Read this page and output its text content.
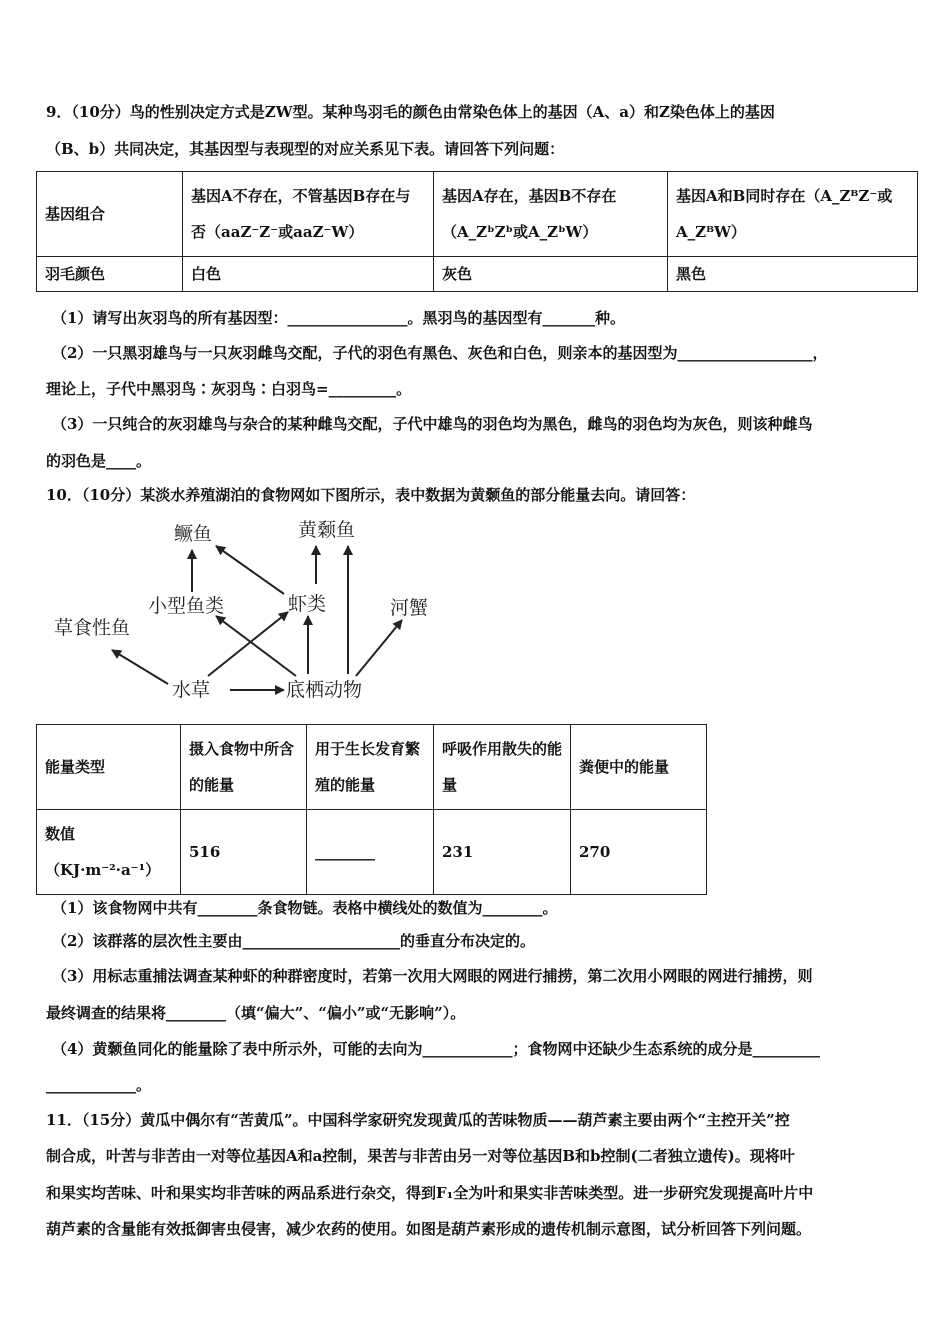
9．（10分）鸟的性别决定方式是ZW型。某种鸟羽毛的颜色由常染色体上的基因（A、a）和Z染色体上的基因
（B、b）共同决定，其基因型与表现型的对应关系见下表。请回答下列问题：
基因组合	基因A不存在，不管基因B存在与否（aaZ⁻Z⁻或aaZ⁻W）	基因A存在，基因B不存在（A_ZᵇZᵇ或A_ZᵇW）	基因A和B同时存在（A_ZᴮZ⁻或A_ZᴮW）
羽毛颜色	白色	灰色	黑色
（1）请写出灰羽鸟的所有基因型：________________。黑羽鸟的基因型有_______种。
（2）一只黑羽雄鸟与一只灰羽雌鸟交配，子代的羽色有黑色、灰色和白色，则亲本的基因型为__________________，
理论上，子代中黑羽鸟∶灰羽鸟∶白羽鸟=_________。
（3）一只纯合的灰羽雄鸟与杂合的某种雌鸟交配，子代中雄鸟的羽色均为黑色，雌鸟的羽色均为灰色，则该种雌鸟
的羽色是____。
10．（10分）某淡水养殖湖泊的食物网如下图所示，表中数据为黄颡鱼的部分能量去向。请回答：
鳜鱼	黄颡鱼
小型鱼类	虾类	河蟹
草食性鱼
水草	底栖动物
能量类型	摄入食物中所含的能量	用于生长发育繁殖的能量	呼吸作用散失的能量	粪便中的能量
数值（KJ·m⁻²·a⁻¹）	516	________	231	270
（1）该食物网中共有________条食物链。表格中横线处的数值为________。
（2）该群落的层次性主要由_____________________的垂直分布决定的。
（3）用标志重捕法调查某种虾的种群密度时，若第一次用大网眼的网进行捕捞，第二次用小网眼的网进行捕捞，则
最终调查的结果将________（填“偏大”、“偏小”或“无影响”）。
（4）黄颡鱼同化的能量除了表中所示外，可能的去向为____________；食物网中还缺少生态系统的成分是_________
____________。
11．（15分）黄瓜中偶尔有“苦黄瓜”。中国科学家研究发现黄瓜的苦味物质——葫芦素主要由两个“主控开关”控
制合成，叶苦与非苦由一对等位基因A和a控制，果苦与非苦由另一对等位基因B和b控制(二者独立遗传)。现将叶
和果实均苦味、叶和果实均非苦味的两品系进行杂交，得到F₁全为叶和果实非苦味类型。进一步研究发现提高叶片中
葫芦素的含量能有效抵御害虫侵害，减少农药的使用。如图是葫芦素形成的遗传机制示意图，试分析回答下列问题。
